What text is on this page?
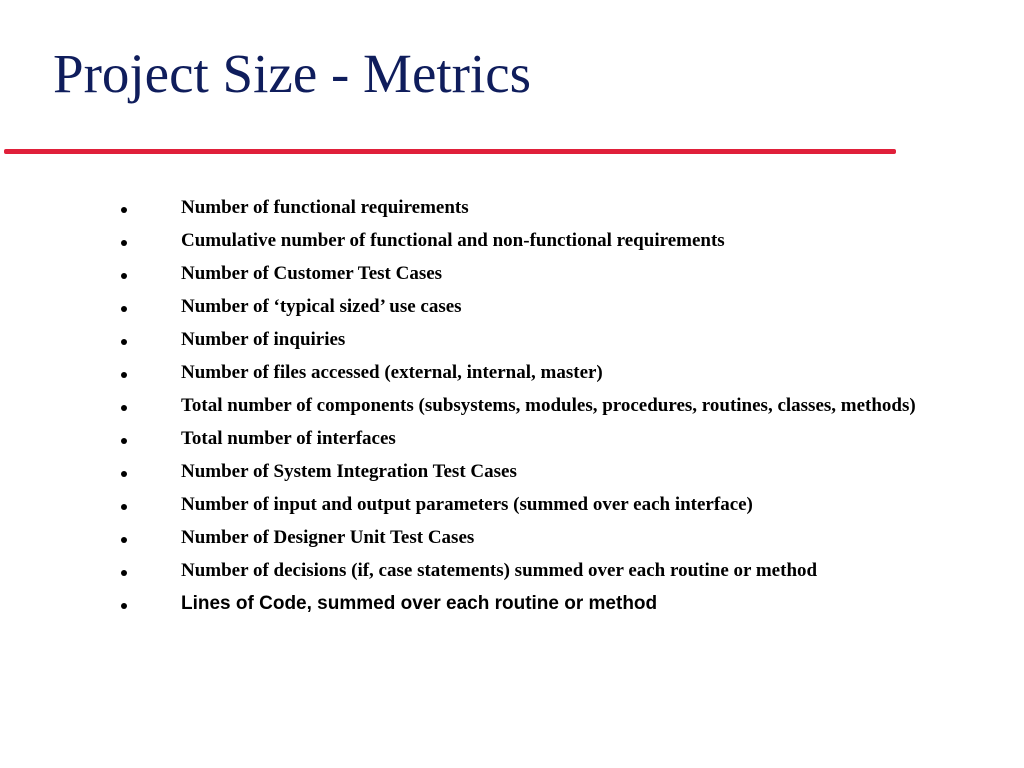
Project Size - Metrics
Number of functional requirements
Cumulative number of functional and non-functional requirements
Number of Customer Test Cases
Number of ‘typical sized’ use cases
Number of inquiries
Number of files accessed (external, internal, master)
Total number of components (subsystems, modules, procedures, routines, classes, methods)
Total number of interfaces
Number of System Integration Test Cases
Number of input and output parameters (summed over each interface)
Number of Designer Unit Test Cases
Number of decisions (if, case statements) summed over each routine or method
Lines of Code, summed over each routine or method
